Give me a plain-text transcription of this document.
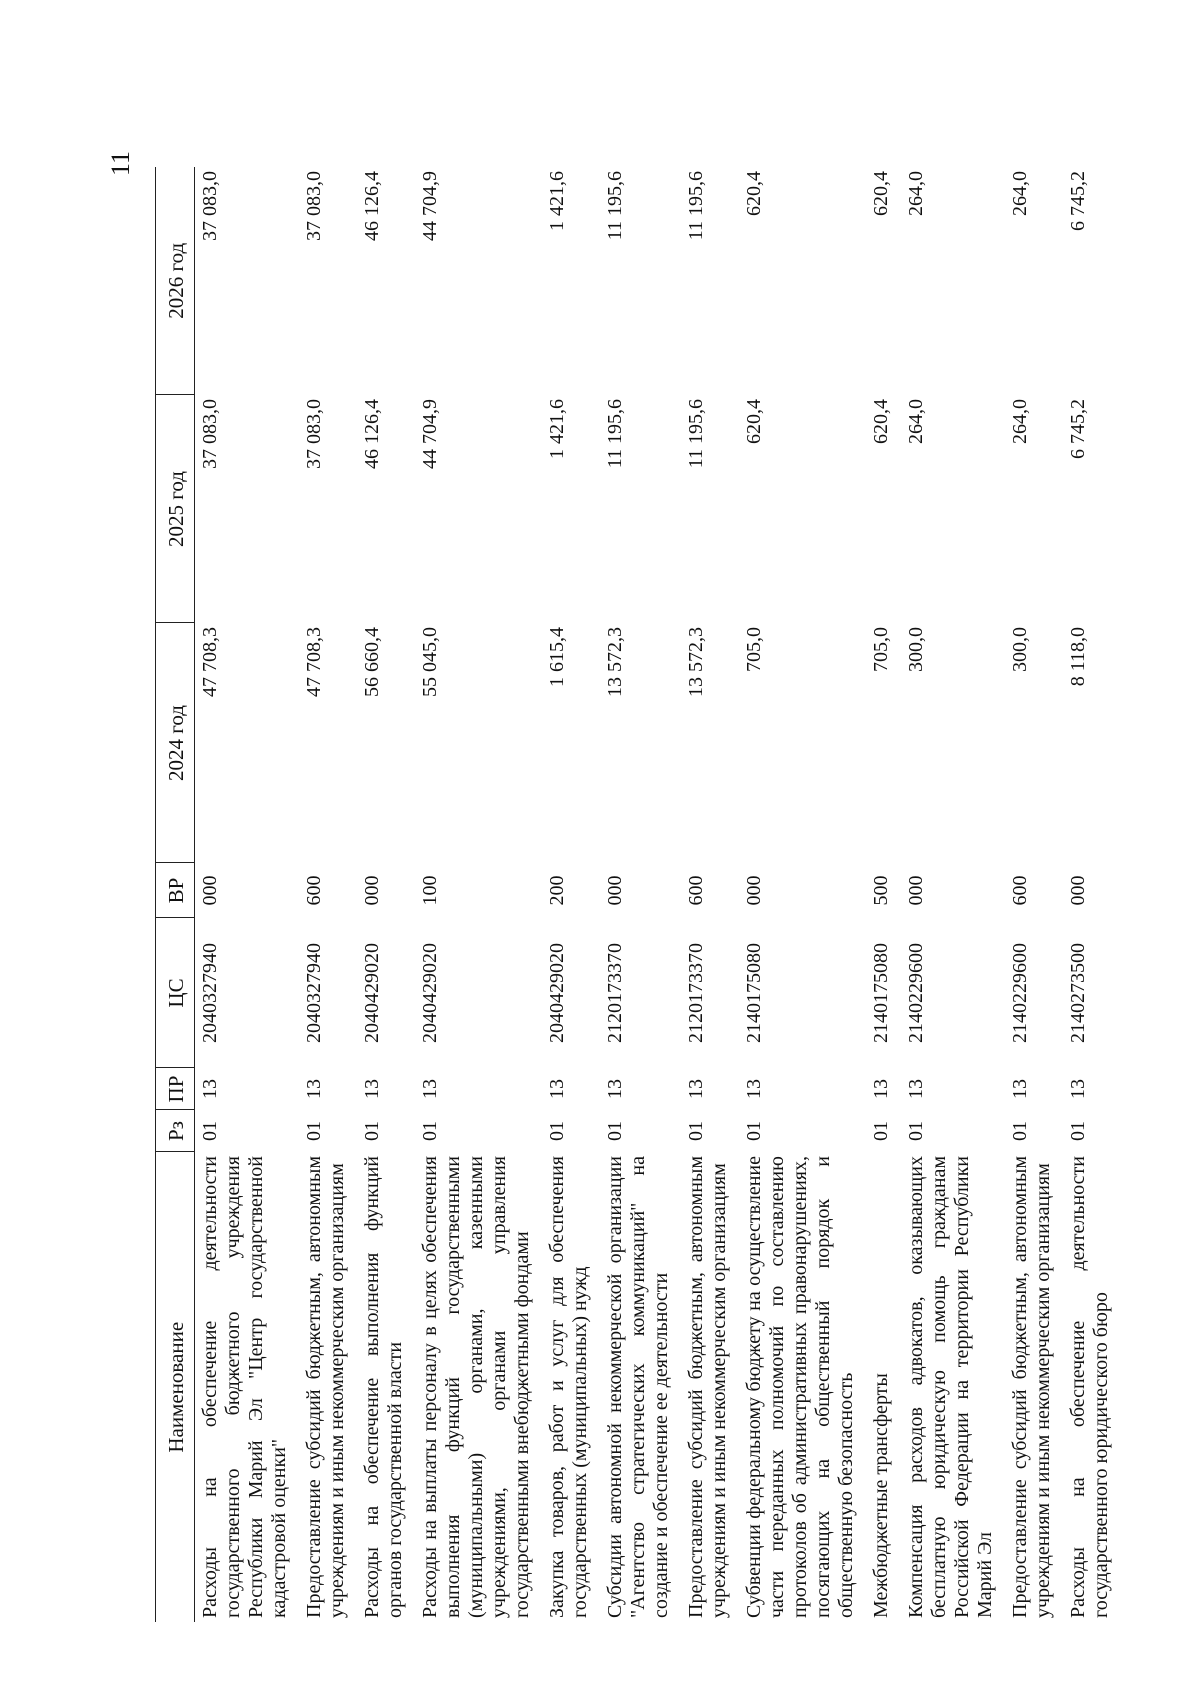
11
Наименование	Рз	ПР	ЦС	ВР	2024 год	2025 год	2026 год
Расходы на обеспечение деятельности государственного бюджетного учреждения Республики Марий Эл "Центр государственной кадастровой оценки"	01	13	2040327940	000	47 708,3	37 083,0	37 083,0
Предоставление субсидий бюджетным, автономным учреждениям и иным некоммерческим организациям	01	13	2040327940	600	47 708,3	37 083,0	37 083,0
Расходы на обеспечение выполнения функций органов государственной власти	01	13	2040429020	000	56 660,4	46 126,4	46 126,4
Расходы на выплаты персоналу в целях обеспечения выполнения функций государственными (муниципальными) органами, казенными учреждениями, органами управления государственными внебюджетными фондами	01	13	2040429020	100	55 045,0	44 704,9	44 704,9
Закупка товаров, работ и услуг для обеспечения государственных (муниципальных) нужд	01	13	2040429020	200	1 615,4	1 421,6	1 421,6
Субсидии автономной некоммерческой организации "Агентство стратегических коммуникаций" на создание и обеспечение ее деятельности	01	13	2120173370	000	13 572,3	11 195,6	11 195,6
Предоставление субсидий бюджетным, автономным учреждениям и иным некоммерческим организациям	01	13	2120173370	600	13 572,3	11 195,6	11 195,6
Субвенции федеральному бюджету на осуществление части переданных полномочий по составлению протоколов об административных правонарушениях, посягающих на общественный порядок и общественную безопасность	01	13	2140175080	000	705,0	620,4	620,4
Межбюджетные трансферты	01	13	2140175080	500	705,0	620,4	620,4
Компенсация расходов адвокатов, оказывающих бесплатную юридическую помощь гражданам Российской Федерации на территории Республики Марий Эл	01	13	2140229600	000	300,0	264,0	264,0
Предоставление субсидий бюджетным, автономным учреждениям и иным некоммерческим организациям	01	13	2140229600	600	300,0	264,0	264,0
Расходы на обеспечение деятельности государственного юридического бюро	01	13	2140273500	000	8 118,0	6 745,2	6 745,2
